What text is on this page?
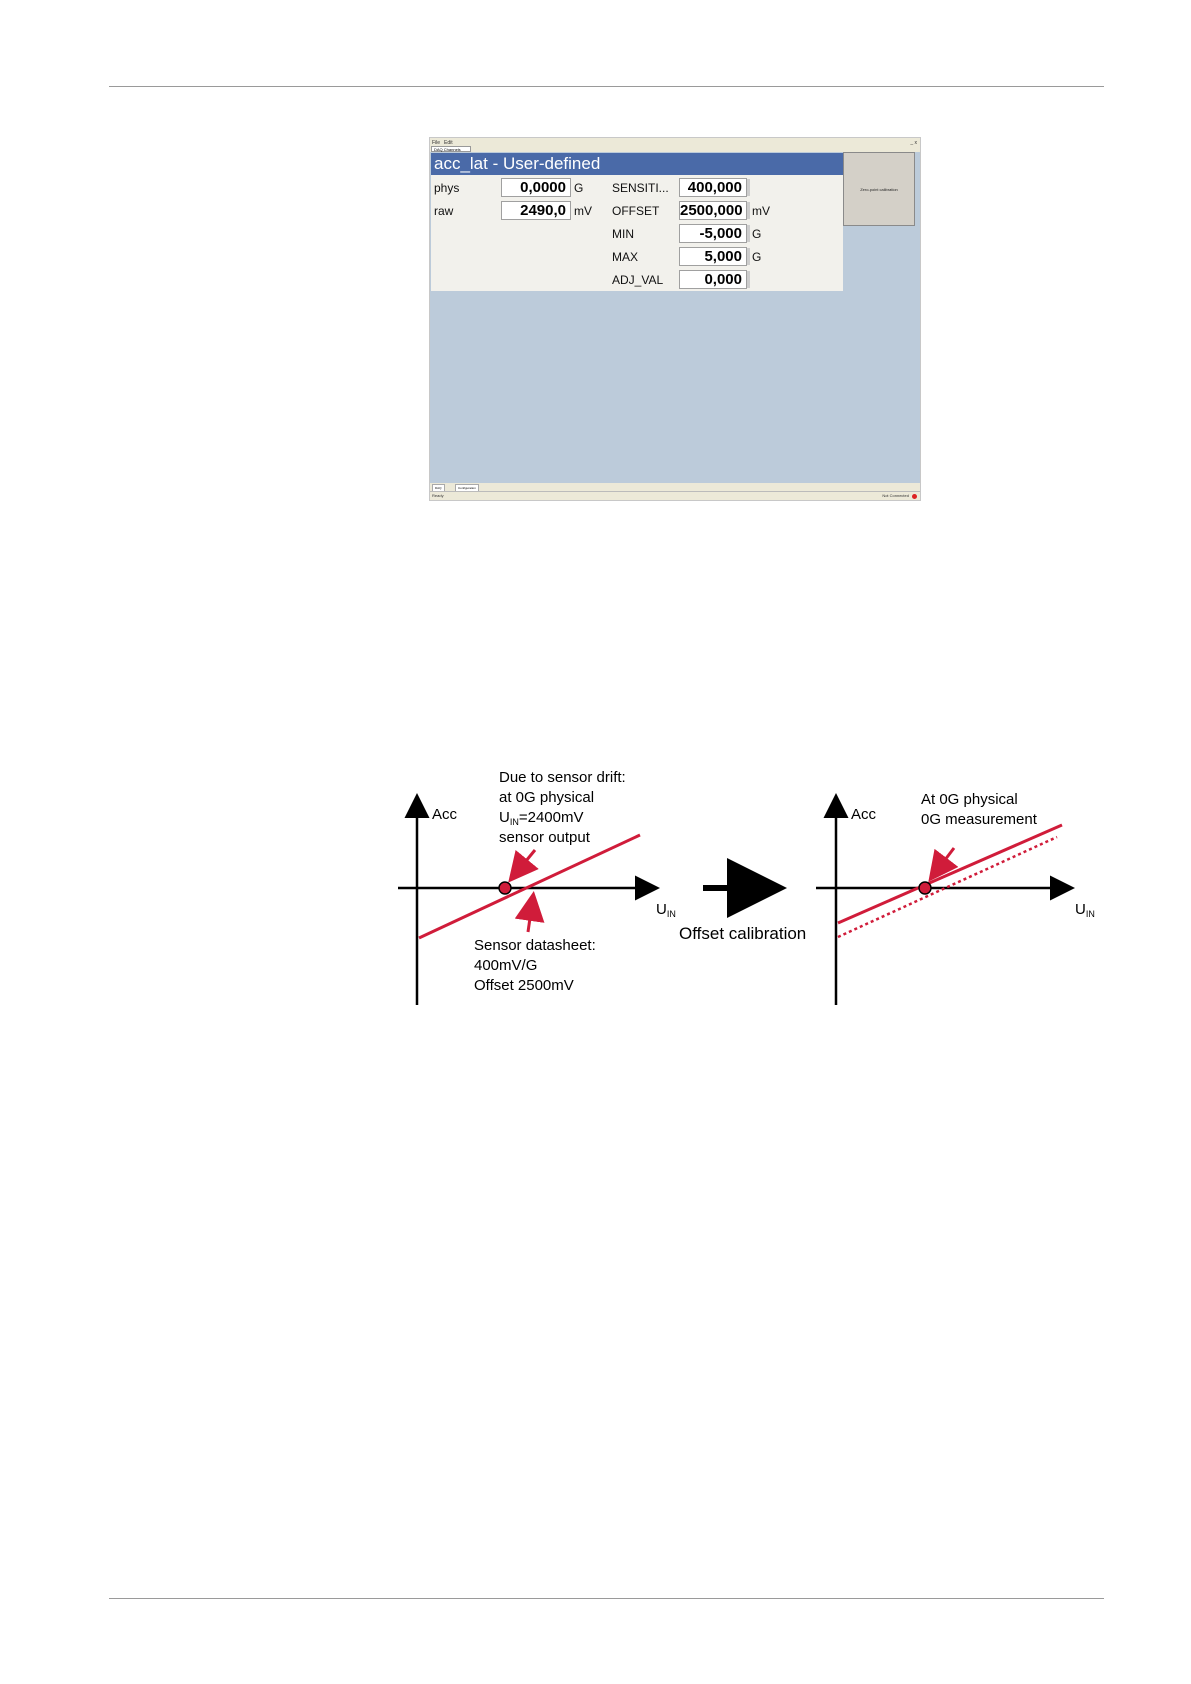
File Edit
DAQ Channels
_ x
acc_lat - User-defined
phys	0,0000 G
raw	2490,0 mV
SENSITI...	400,000
OFFSET 2500,000 mV
MIN	-5,000 G
MAX	5,000 G
ADJ_VAL	0,000
Zero-point calibration
DAQ	Configuration
Ready	Not Connected
Acc
Due to sensor drift:
at 0G physical
$U_{IN}=2400mV$
sensor output
Sensor datasheet:
400mV/G
Offset 2500mV
$U_{IN}$
Offset calibration
Acc
At 0G physical
0G measurement
$U_{IN}$
